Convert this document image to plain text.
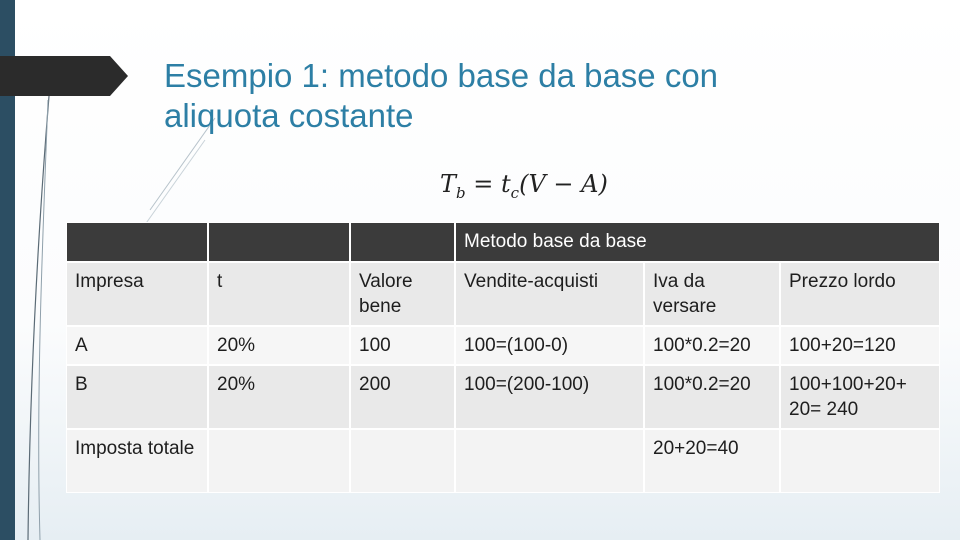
Esempio 1: metodo base da base con aliquota costante
$T_b = t_c(V - A)$
			Metodo base da base		
Impresa	t	Valore bene	Vendite-acquisti	Iva da versare	Prezzo lordo
A	20%	100	100=(100-0)	100*0.2=20	100+20=120
B	20%	200	100=(200-100)	100*0.2=20	100+100+20+ 20= 240
Imposta totale				20+20=40	
